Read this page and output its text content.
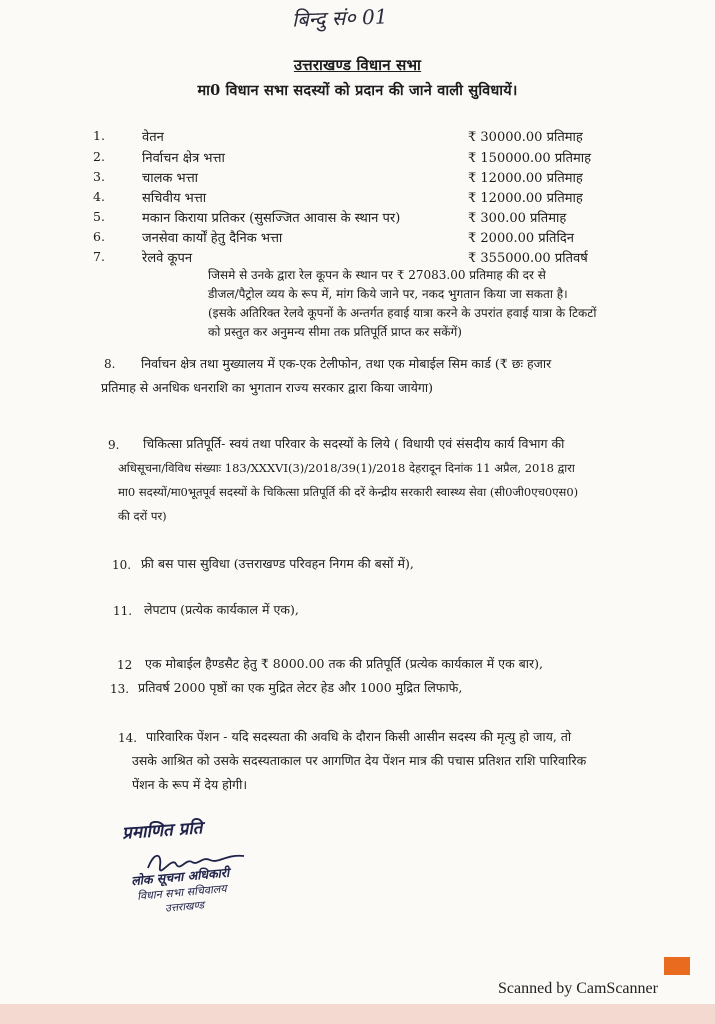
बिन्दु सं० 01
उत्तराखण्ड विधान सभा
मा0 विधान सभा सदस्यों को प्रदान की जाने वाली सुविधायें।
1.	वेतन	₹ 30000.00 प्रतिमाह
2.	निर्वाचन क्षेत्र भत्ता	₹ 150000.00 प्रतिमाह
3.	चालक भत्ता	₹ 12000.00 प्रतिमाह
4.	सचिवीय भत्ता	₹ 12000.00 प्रतिमाह
5.	मकान किराया प्रतिकर (सुसज्जित आवास के स्थान पर)	₹ 300.00 प्रतिमाह
6.	जनसेवा कार्यों हेतु दैनिक भत्ता	₹ 2000.00 प्रतिदिन
7.	रेलवे कूपन	₹ 355000.00 प्रतिवर्ष
जिसमे से उनके द्वारा रेल कूपन के स्थान पर ₹ 27083.00 प्रतिमाह की दर से
डीजल/पैट्रोल व्यय के रूप में, मांग किये जाने पर, नकद भुगतान किया जा सकता है।
(इसके अतिरिक्त रेलवे कूपनों के अन्तर्गत हवाई यात्रा करने के उपरांत हवाई यात्रा के टिकटों
को प्रस्तुत कर अनुमन्य सीमा तक प्रतिपूर्ति प्राप्त कर सकेंगें)
8.	निर्वाचन क्षेत्र तथा मुख्यालय में एक-एक टेलीफोन, तथा एक मोबाईल सिम कार्ड (₹ छः हजार
प्रतिमाह से अनधिक धनराशि का भुगतान राज्य सरकार द्वारा किया जायेगा)
9. चिकित्सा प्रतिपूर्ति- स्वयं तथा परिवार के सदस्यों के लिये ( विधायी एवं संसदीय कार्य विभाग की
अधिसूचना/विविध संख्याः 183/XXXVI(3)/2018/39(1)/2018 देहरादून दिनांक 11 अप्रैल, 2018 द्वारा
मा0 सदस्यों/मा0भूतपूर्व सदस्यों के चिकित्सा प्रतिपूर्ति की दरें केन्द्रीय सरकारी स्वास्थ्य सेवा (सी0जी0एच0एस0)
की दरों पर)
10. फ्री बस पास सुविधा (उत्तराखण्ड परिवहन निगम की बसों में),
11. लेपटाप (प्रत्येक कार्यकाल में एक),
12 एक मोबाईल हैण्डसैट हेतु ₹ 8000.00 तक की प्रतिपूर्ति (प्रत्येक कार्यकाल में एक बार),
13. प्रतिवर्ष 2000 पृष्ठों का एक मुद्रित लेटर हेड और 1000 मुद्रित लिफाफे,
14. पारिवारिक पेंशन - यदि सदस्यता की अवधि के दौरान किसी आसीन सदस्य की मृत्यु हो जाय, तो
उसके आश्रित को उसके सदस्यताकाल पर आगणित देय पेंशन मात्र की पचास प्रतिशत राशि पारिवारिक
पेंशन के रूप में देय होगी।
प्रमाणित प्रति
लोक सूचना अधिकारी
विधान सभा सचिवालय
उत्तराखण्ड
Scanned by CamScanner
